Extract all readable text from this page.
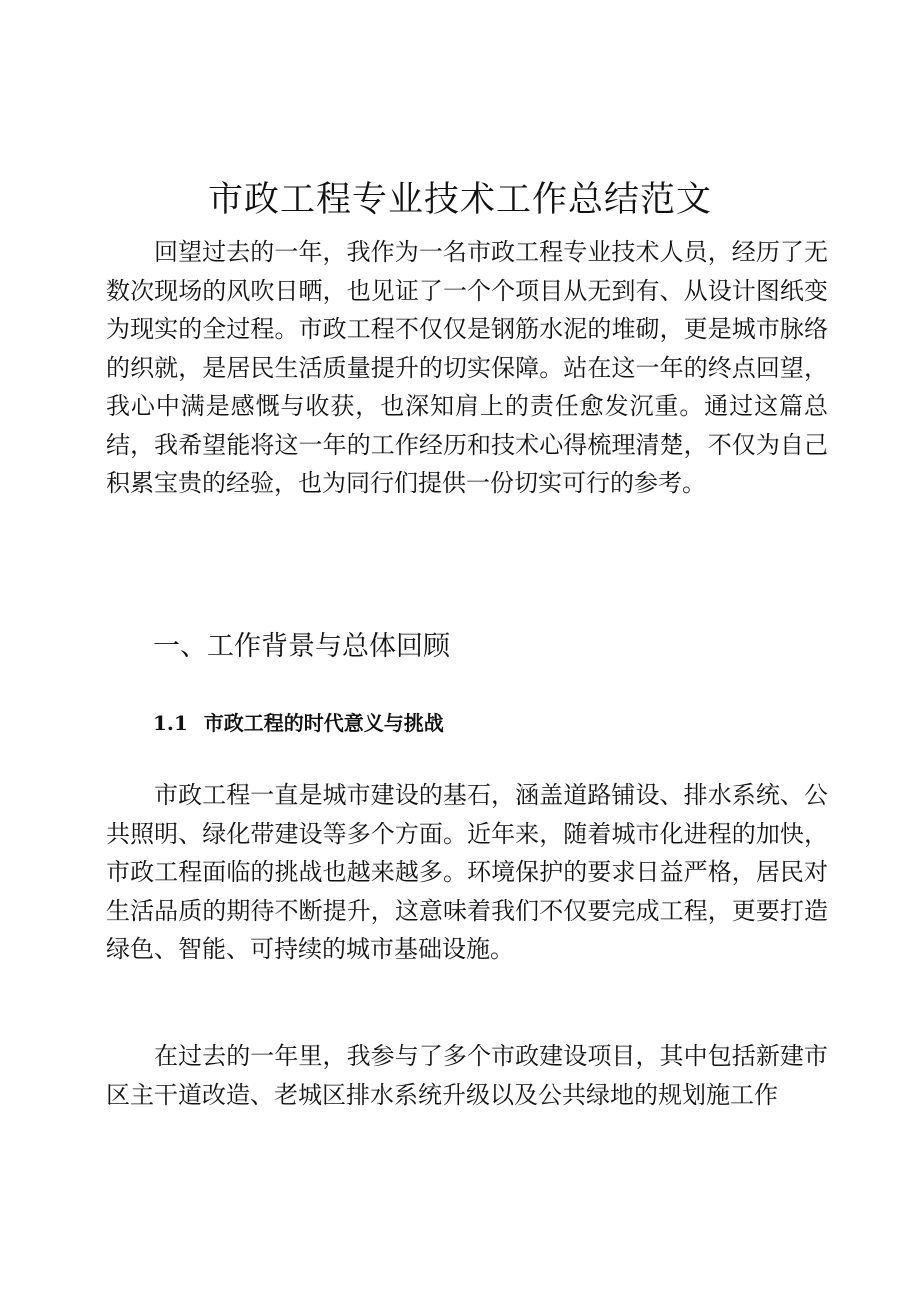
市政工程专业技术工作总结范文

回望过去的一年，我作为一名市政工程专业技术人员，经历了无数次现场的风吹日晒，也见证了一个个项目从无到有、从设计图纸变为现实的全过程。市政工程不仅仅是钢筋水泥的堆砌，更是城市脉络的织就，是居民生活质量提升的切实保障。站在这一年的终点回望，我心中满是感慨与收获，也深知肩上的责任愈发沉重。通过这篇总结，我希望能将这一年的工作经历和技术心得梳理清楚，不仅为自己积累宝贵的经验，也为同行们提供一份切实可行的参考。

一、工作背景与总体回顾
1.1 市政工程的时代意义与挑战

市政工程一直是城市建设的基石，涵盖道路铺设、排水系统、公共照明、绿化带建设等多个方面。近年来，随着城市化进程的加快，市政工程面临的挑战也越来越多。环境保护的要求日益严格，居民对生活品质的期待不断提升，这意味着我们不仅要完成工程，更要打造绿色、智能、可持续的城市基础设施。

在过去的一年里，我参与了多个市政建设项目，其中包括新建市区主干道改造、老城区排水系统升级以及公共绿地的规划施工作
